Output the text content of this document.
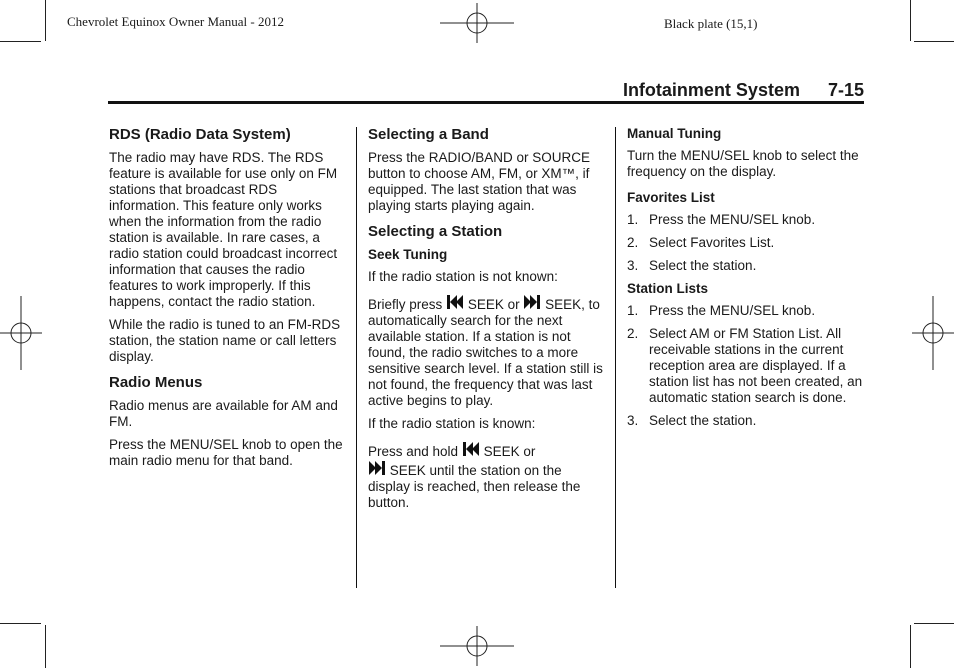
Chevrolet Equinox Owner Manual - 2012	Black plate (15,1)
Infotainment System 7-15
RDS (Radio Data System)

The radio may have RDS. The RDS feature is available for use only on FM stations that broadcast RDS information. This feature only works when the information from the radio station is available. In rare cases, a radio station could broadcast incorrect information that causes the radio features to work improperly. If this happens, contact the radio station.

While the radio is tuned to an FM-RDS station, the station name or call letters display.

Radio Menus

Radio menus are available for AM and FM.

Press the MENU/SEL knob to open the main radio menu for that band.

Selecting a Band

Press the RADIO/BAND or SOURCE button to choose AM, FM, or XM™, if equipped. The last station that was playing starts playing again.

Selecting a Station
Seek Tuning

If the radio station is not known:

Briefly press SEEK or SEEK, to automatically search for the next available station. If a station is not found, the radio switches to a more sensitive search level. If a station still is not found, the frequency that was last active begins to play.

If the radio station is known:

Press and hold SEEK or
SEEK until the station on the display is reached, then release the button.

Manual Tuning

Turn the MENU/SEL knob to select the frequency on the display.

Favorites List
1. Press the MENU/SEL knob.
2. Select Favorites List.
3. Select the station.
Station Lists
1. Press the MENU/SEL knob.
2. Select AM or FM Station List. All receivable stations in the current reception area are displayed. If a station list has not been created, an automatic station search is done.
3. Select the station.
